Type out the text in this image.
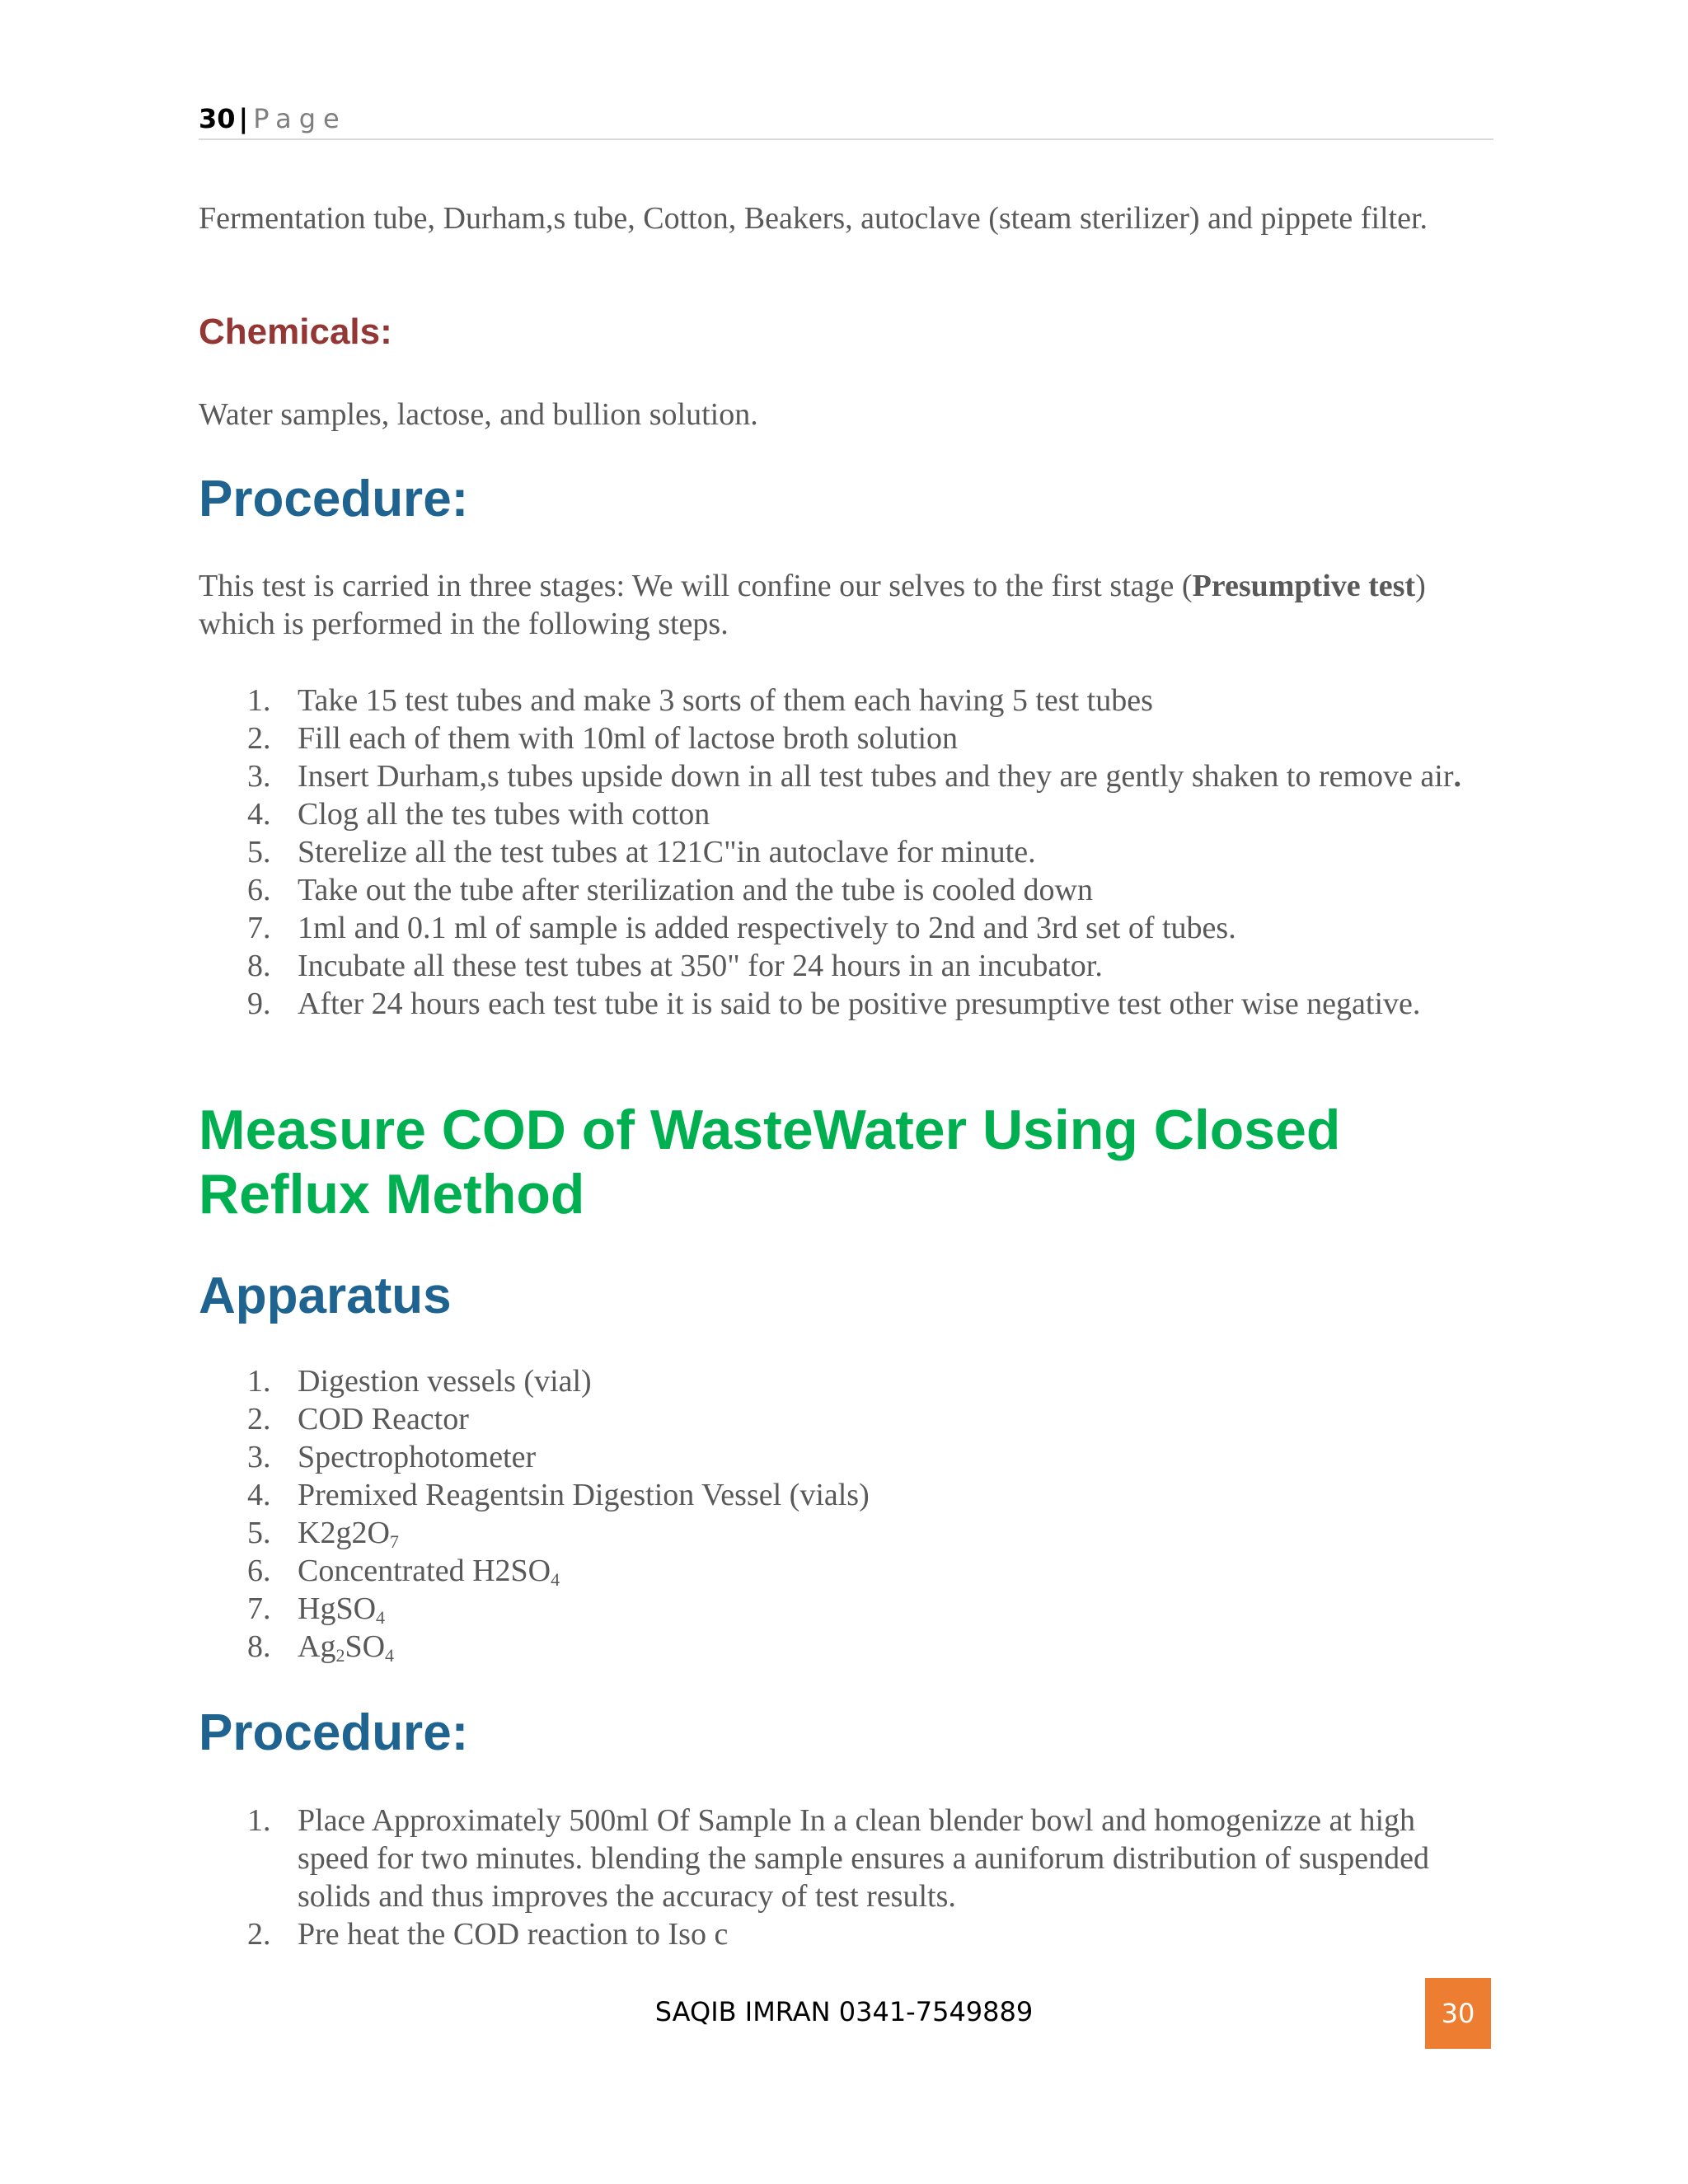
30 | Page

Fermentation tube, Durham,s tube, Cotton, Beakers, autoclave (steam sterilizer) and pippete filter.

Chemicals:

Water samples, lactose, and bullion solution.

Procedure:

This test is carried in three stages: We will confine our selves to the first stage (Presumptive test) which is performed in the following steps.

1. Take 15 test tubes and make 3 sorts of them each having 5 test tubes
2. Fill each of them with 10ml of lactose broth solution
3. Insert Durham,s tubes upside down in all test tubes and they are gently shaken to remove air.
4. Clog all the tes tubes with cotton
5. Sterelize all the test tubes at 121C"in autoclave for minute.
6. Take out the tube after sterilization and the tube is cooled down
7. 1ml and 0.1 ml of sample is added respectively to 2nd and 3rd set of tubes.
8. Incubate all these test tubes at 350" for 24 hours in an incubator.
9. After 24 hours each test tube it is said to be positive presumptive test other wise negative.
Measure COD of WasteWater Using Closed
Reflux Method
Apparatus
1. Digestion vessels (vial)
2. COD Reactor
3. Spectrophotometer
4. Premixed Reagentsin Digestion Vessel (vials)
5. $K2g2O_7$
6. Concentrated $H2SO_4$
7. HgSO$_4$
8. $Ag_2SO_4$
Procedure:
1. Place Approximately 500ml Of Sample In a clean blender bowl and homogenizze at high speed for two minutes. blending the sample ensures a auniforum distribution of suspended solids and thus improves the accuracy of test results.
2. Pre heat the COD reaction to Iso c
SAQIB IMRAN 0341-7549889	30
